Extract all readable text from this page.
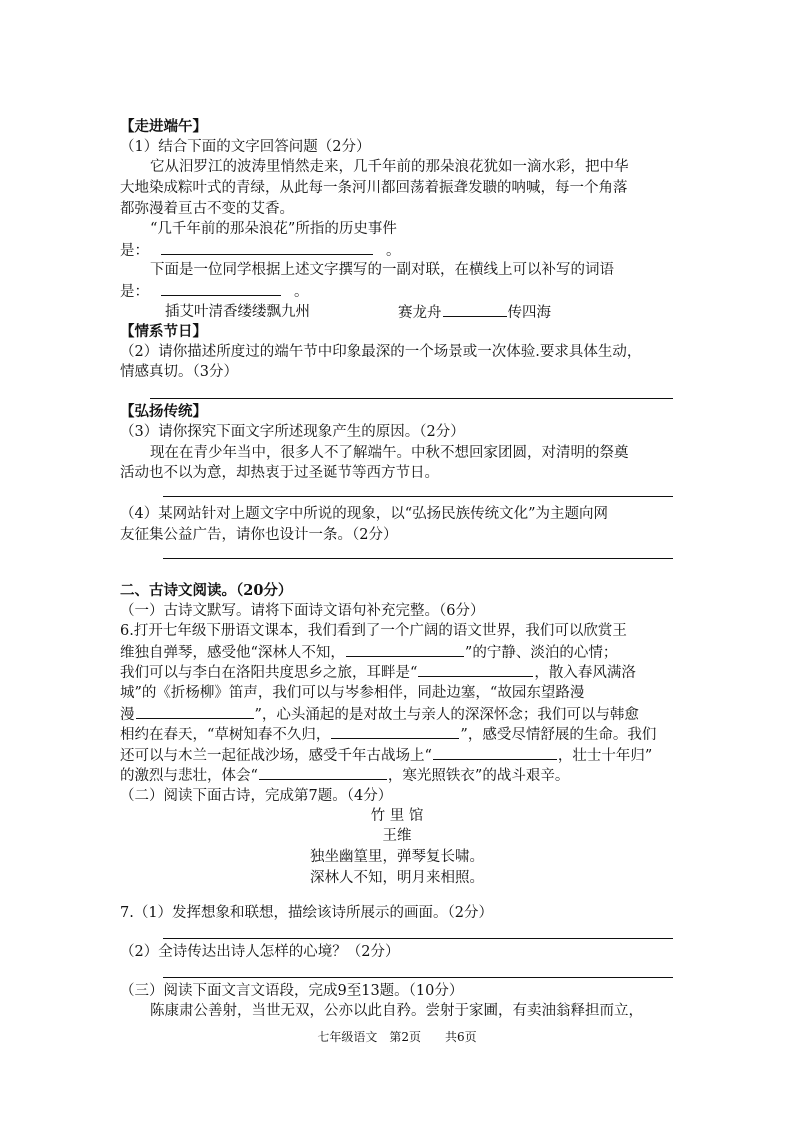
【走进端午】
（1）结合下面的文字回答问题（2分）
它从汨罗江的波涛里悄然走来，几千年前的那朵浪花犹如一滴水彩，把中华
大地染成粽叶式的青绿，从此每一条河川都回荡着振聋发聩的呐喊，每一个角落
都弥漫着亘古不变的艾香。
“几千年前的那朵浪花”所指的历史事件
是：	。
下面是一位同学根据上述文字撰写的一副对联，在横线上可以补写的词语
是：	。
插艾叶清香缕缕飘九州	赛龙舟	传四海
【情系节日】
（2）请你描述所度过的端午节中印象最深的一个场景或一次体验.要求具体生动，
情感真切。（3分）
【弘扬传统】
（3）请你探究下面文字所述现象产生的原因。（2分）
现在在青少年当中，很多人不了解端午。中秋不想回家团圆，对清明的祭奠
活动也不以为意，却热衷于过圣诞节等西方节日。
（4）某网站针对上题文字中所说的现象，以“弘扬民族传统文化”为主题向网
友征集公益广告，请你也设计一条。（2分）
二、古诗文阅读。（20分）
（一）古诗文默写。请将下面诗文语句补充完整。（6分）
6.打开七年级下册语文课本，我们看到了一个广阔的语文世界，我们可以欣赏王
维独自弹琴，感受他“深林人不知，	”的宁静、淡泊的心情；
我们可以与李白在洛阳共度思乡之旅，耳畔是“	，散入春风满洛
城”的《折杨柳》笛声，我们可以与岑参相伴，同赴边塞，“故园东望路漫
漫	”，心头涌起的是对故土与亲人的深深怀念；我们可以与韩愈
相约在春天，“草树知春不久归，	”，感受尽情舒展的生命。我们
还可以与木兰一起征战沙场，感受千年古战场上“	，壮士十年归”
的激烈与悲壮，体会“	，寒光照铁衣”的战斗艰辛。
（二）阅读下面古诗，完成第7题。（4分）
竹 里 馆
王维
独坐幽篁里，弹琴复长啸。
深林人不知，明月来相照。
7.（1）发挥想象和联想，描绘该诗所展示的画面。（2分）
（2）全诗传达出诗人怎样的心境？（2分）
（三）阅读下面文言文语段，完成9至13题。（10分）
陈康肃公善射，当世无双，公亦以此自矜。尝射于家圃，有卖油翁释担而立，
七年级语文　第2页　　共6页
